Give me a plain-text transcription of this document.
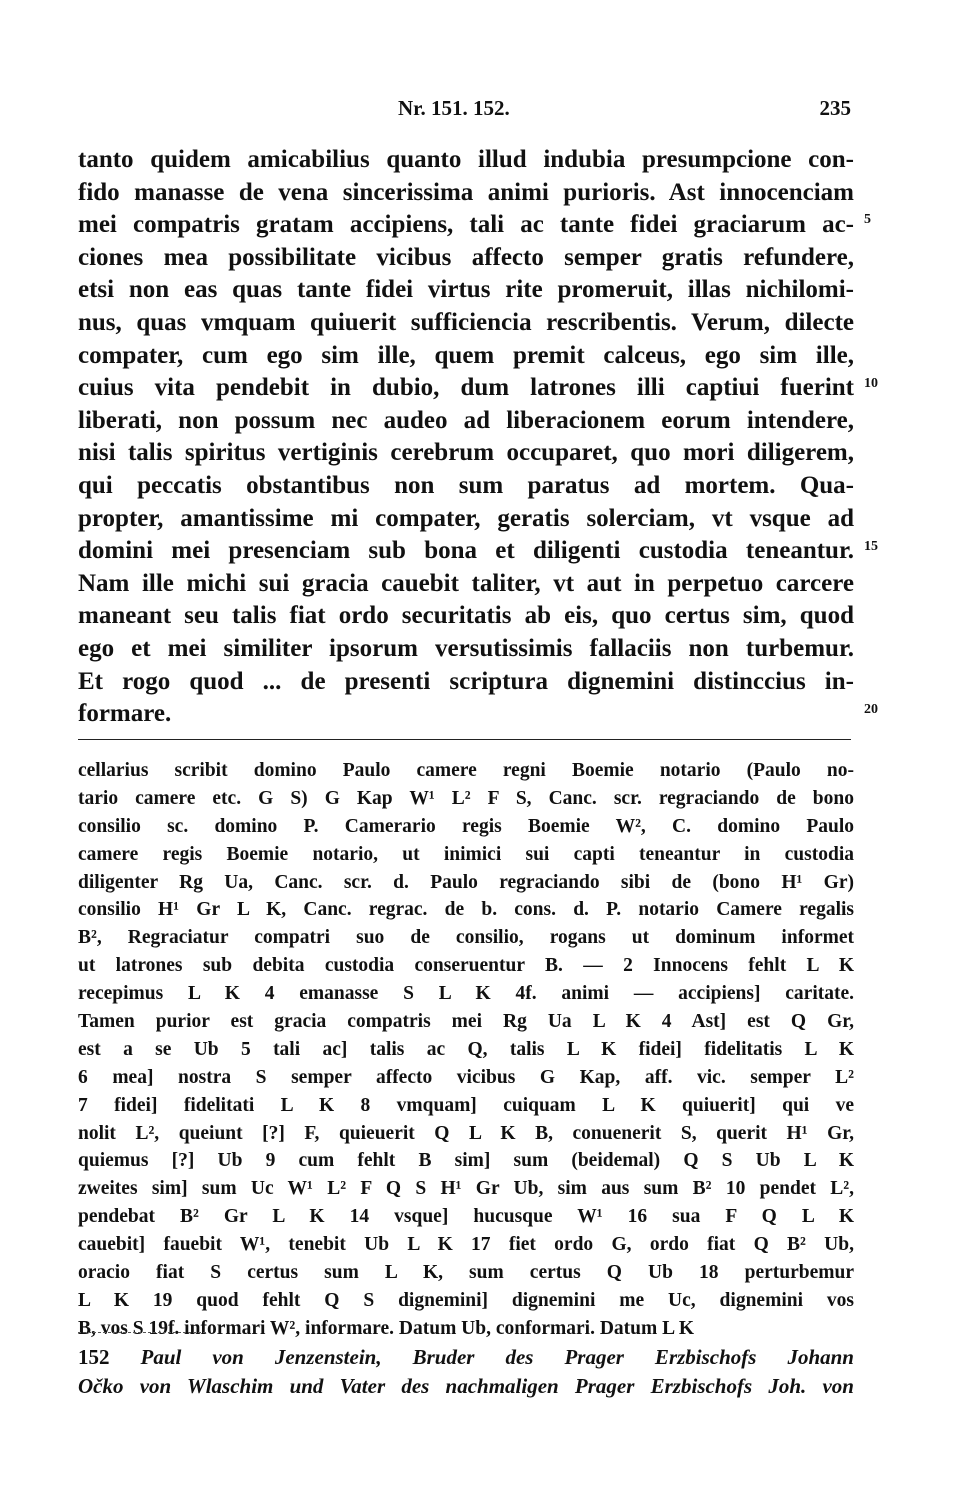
Nr. 151. 152.	235
tanto quidem amicabilius quanto illud indubia presumpcione con-
fido manasse de vena sincerissima animi purioris. Ast innocenciam
mei compatris gratam accipiens, tali ac tante fidei graciarum ac-
ciones mea possibilitate vicibus affecto semper gratis refundere,
etsi non eas quas tante fidei virtus rite promeruit, illas nichilomi-
nus, quas vmquam quiuerit sufficiencia rescribentis. Verum, dilecte
compater, cum ego sim ille, quem premit calceus, ego sim ille,
cuius vita pendebit in dubio, dum latrones illi captiui fuerint
liberati, non possum nec audeo ad liberacionem eorum intendere,
nisi talis spiritus vertiginis cerebrum occuparet, quo mori diligerem,
qui peccatis obstantibus non sum paratus ad mortem. Qua-
propter, amantissime mi compater, geratis solerciam, vt vsque ad
domini mei presenciam sub bona et diligenti custodia teneantur.
Nam ille michi sui gracia cauebit taliter, vt aut in perpetuo carcere
maneant seu talis fiat ordo securitatis ab eis, quo certus sim, quod
ego et mei similiter ipsorum versutissimis fallaciis non turbemur.
Et rogo quod ... de presenti scriptura dignemini distinccius in-
formare.
5
10
15
20
cellarius scribit domino Paulo camere regni Boemie notario (Paulo no-
tario camere etc. G S) G Kap W¹ L² F S, Canc. scr. regraciando de bono
consilio sc. domino P. Camerario regis Boemie W², C. domino Paulo
camere regis Boemie notario, ut inimici sui capti teneantur in custodia
diligenter Rg Ua, Canc. scr. d. Paulo regraciando sibi de (bono H¹ Gr)
consilio H¹ Gr L K, Canc. regrac. de b. cons. d. P. notario Camere regalis
B², Regraciatur compatri suo de consilio, rogans ut dominum informet
ut latrones sub debita custodia conseruentur B. — 2 Innocens fehlt L K
recepimus L K 4 emanasse S L K 4f. animi — accipiens] caritate.
Tamen purior est gracia compatris mei Rg Ua L K 4 Ast] est Q Gr,
est a se Ub 5 tali ac] talis ac Q, talis L K fidei] fidelitatis L K
6 mea] nostra S semper affecto vicibus G Kap, aff. vic. semper L²
7 fidei] fidelitati L K 8 vmquam] cuiquam L K quiuerit] qui ve
nolit L², queiunt [?] F, quieuerit Q L K B, conuenerit S, querit H¹ Gr,
quiemus [?] Ub 9 cum fehlt B sim] sum (beidemal) Q S Ub L K
zweites sim] sum Uc W¹ L² F Q S H¹ Gr Ub, sim aus sum B² 10 pendet L²,
pendebat B² Gr L K 14 vsque] hucusque W¹ 16 sua F Q L K
cauebit] fauebit W¹, tenebit Ub L K 17 fiet ordo G, ordo fiat Q B² Ub,
oracio fiat S certus sum L K, sum certus Q Ub 18 perturbemur
L K 19 quod fehlt Q S dignemini] dignemini me Uc, dignemini vos
B, vos S 19f. informari W², informare. Datum Ub, conformari. Datum L K
152 Paul von Jenzenstein, Bruder des Prager Erzbischofs Johann
Očko von Wlaschim und Vater des nachmaligen Prager Erzbischofs Joh. von
